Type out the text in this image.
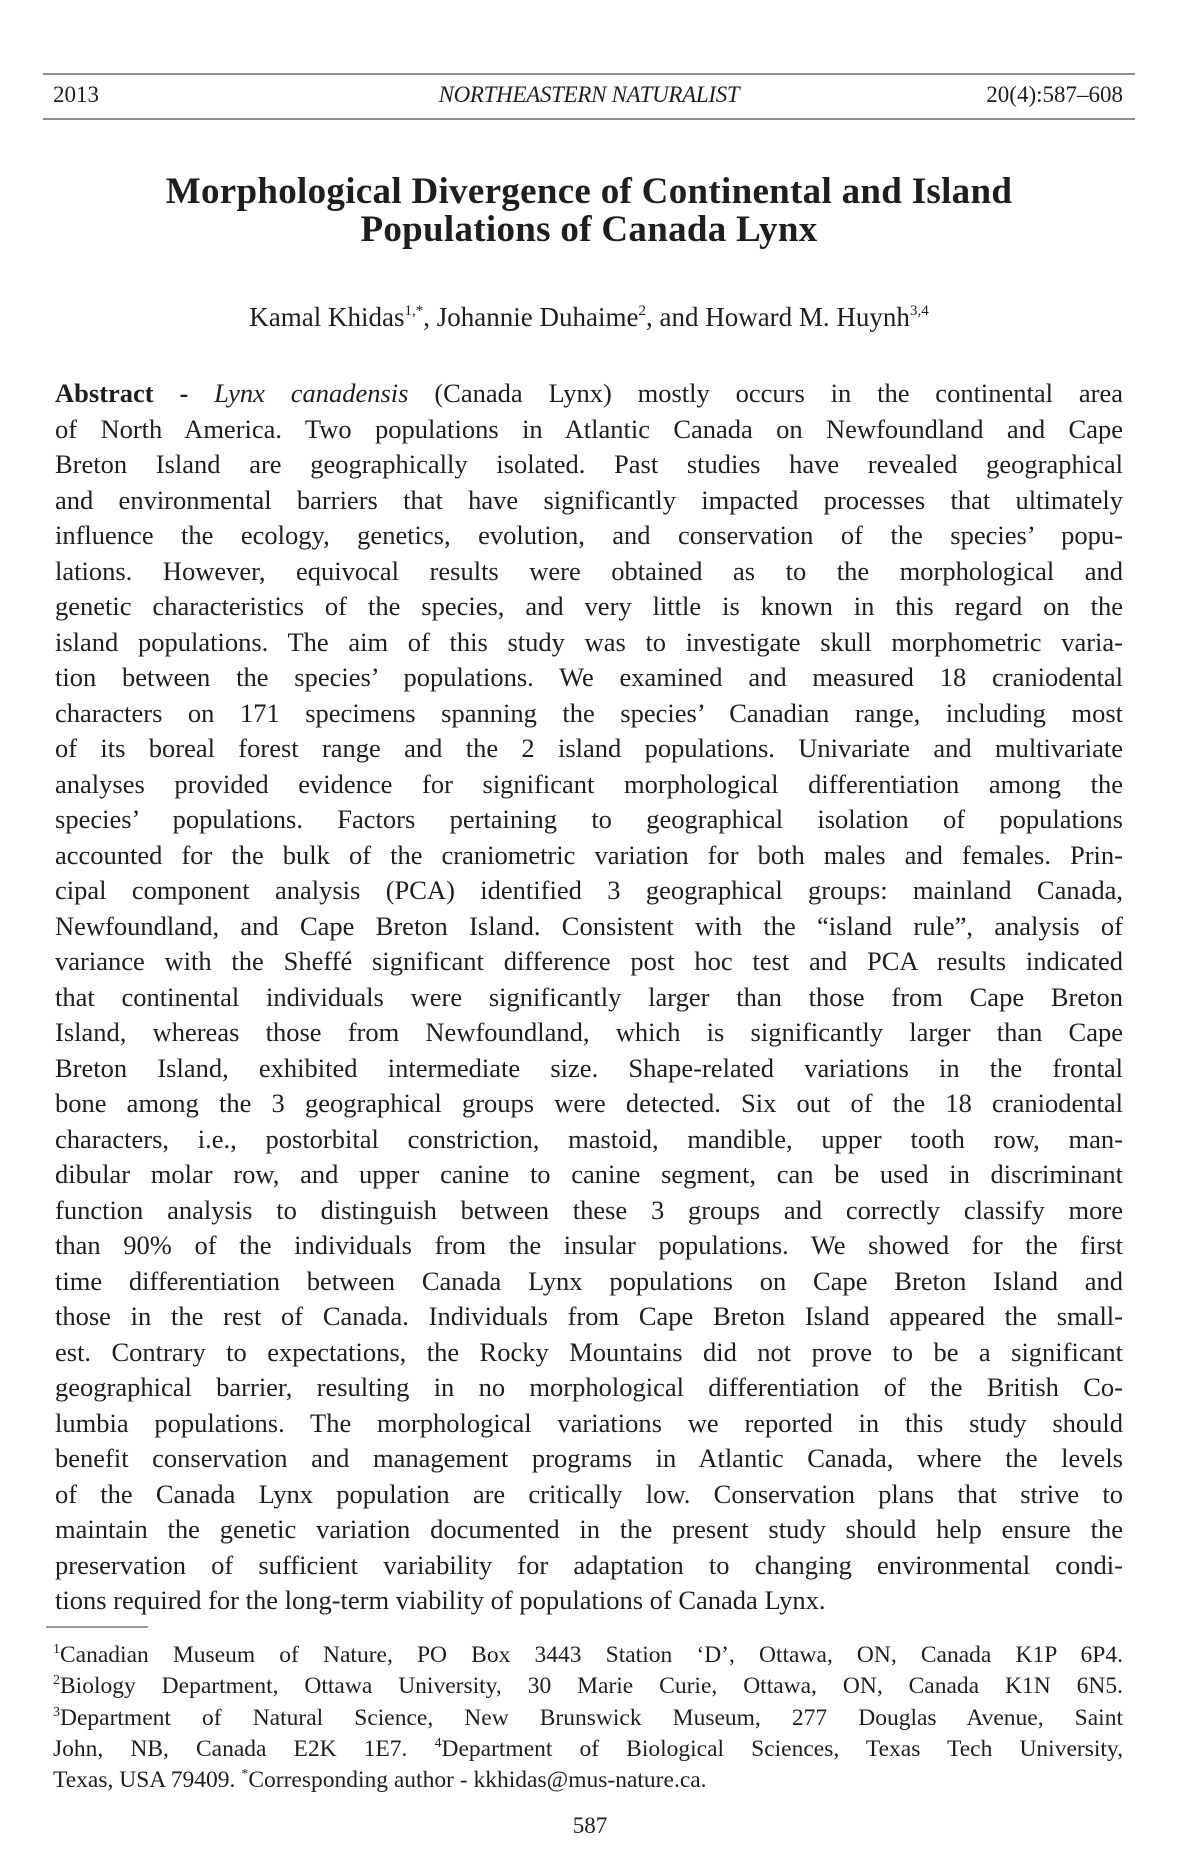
2013	NORTHEASTERN NATURALIST	20(4):587–608
Morphological Divergence of Continental and Island
Populations of Canada Lynx
Kamal Khidas$^{1,*}$, Johannie Duhaime$^2$, and Howard M. Huynh$^{3,4}$
Abstract - Lynx canadensis (Canada Lynx) mostly occurs in the continental area
of North America. Two populations in Atlantic Canada on Newfoundland and Cape
Breton Island are geographically isolated. Past studies have revealed geographical
and environmental barriers that have significantly impacted processes that ultimately
influence the ecology, genetics, evolution, and conservation of the species’ popu-
lations. However, equivocal results were obtained as to the morphological and
genetic characteristics of the species, and very little is known in this regard on the
island populations. The aim of this study was to investigate skull morphometric varia-
tion between the species’ populations. We examined and measured 18 craniodental
characters on 171 specimens spanning the species’ Canadian range, including most
of its boreal forest range and the 2 island populations. Univariate and multivariate
analyses provided evidence for significant morphological differentiation among the
species’ populations. Factors pertaining to geographical isolation of populations
accounted for the bulk of the craniometric variation for both males and females. Prin-
cipal component analysis (PCA) identified 3 geographical groups: mainland Canada,
Newfoundland, and Cape Breton Island. Consistent with the “island rule”, analysis of
variance with the Sheffé significant difference post hoc test and PCA results indicated
that continental individuals were significantly larger than those from Cape Breton
Island, whereas those from Newfoundland, which is significantly larger than Cape
Breton Island, exhibited intermediate size. Shape-related variations in the frontal
bone among the 3 geographical groups were detected. Six out of the 18 craniodental
characters, i.e., postorbital constriction, mastoid, mandible, upper tooth row, man-
dibular molar row, and upper canine to canine segment, can be used in discriminant
function analysis to distinguish between these 3 groups and correctly classify more
than 90% of the individuals from the insular populations. We showed for the first
time differentiation between Canada Lynx populations on Cape Breton Island and
those in the rest of Canada. Individuals from Cape Breton Island appeared the small-
est. Contrary to expectations, the Rocky Mountains did not prove to be a significant
geographical barrier, resulting in no morphological differentiation of the British Co-
lumbia populations. The morphological variations we reported in this study should
benefit conservation and management programs in Atlantic Canada, where the levels
of the Canada Lynx population are critically low. Conservation plans that strive to
maintain the genetic variation documented in the present study should help ensure the
preservation of sufficient variability for adaptation to changing environmental condi-
tions required for the long-term viability of populations of Canada Lynx.
$^1$Canadian Museum of Nature, PO Box 3443 Station ‘D’, Ottawa, ON, Canada K1P 6P4.
$^2$Biology Department, Ottawa University, 30 Marie Curie, Ottawa, ON, Canada K1N 6N5.
$^3$Department of Natural Science, New Brunswick Museum, 277 Douglas Avenue, Saint
John, NB, Canada E2K 1E7. $^4$Department of Biological Sciences, Texas Tech University,
Texas, USA 79409. *Corresponding author - kkhidas@mus-nature.ca.
587
